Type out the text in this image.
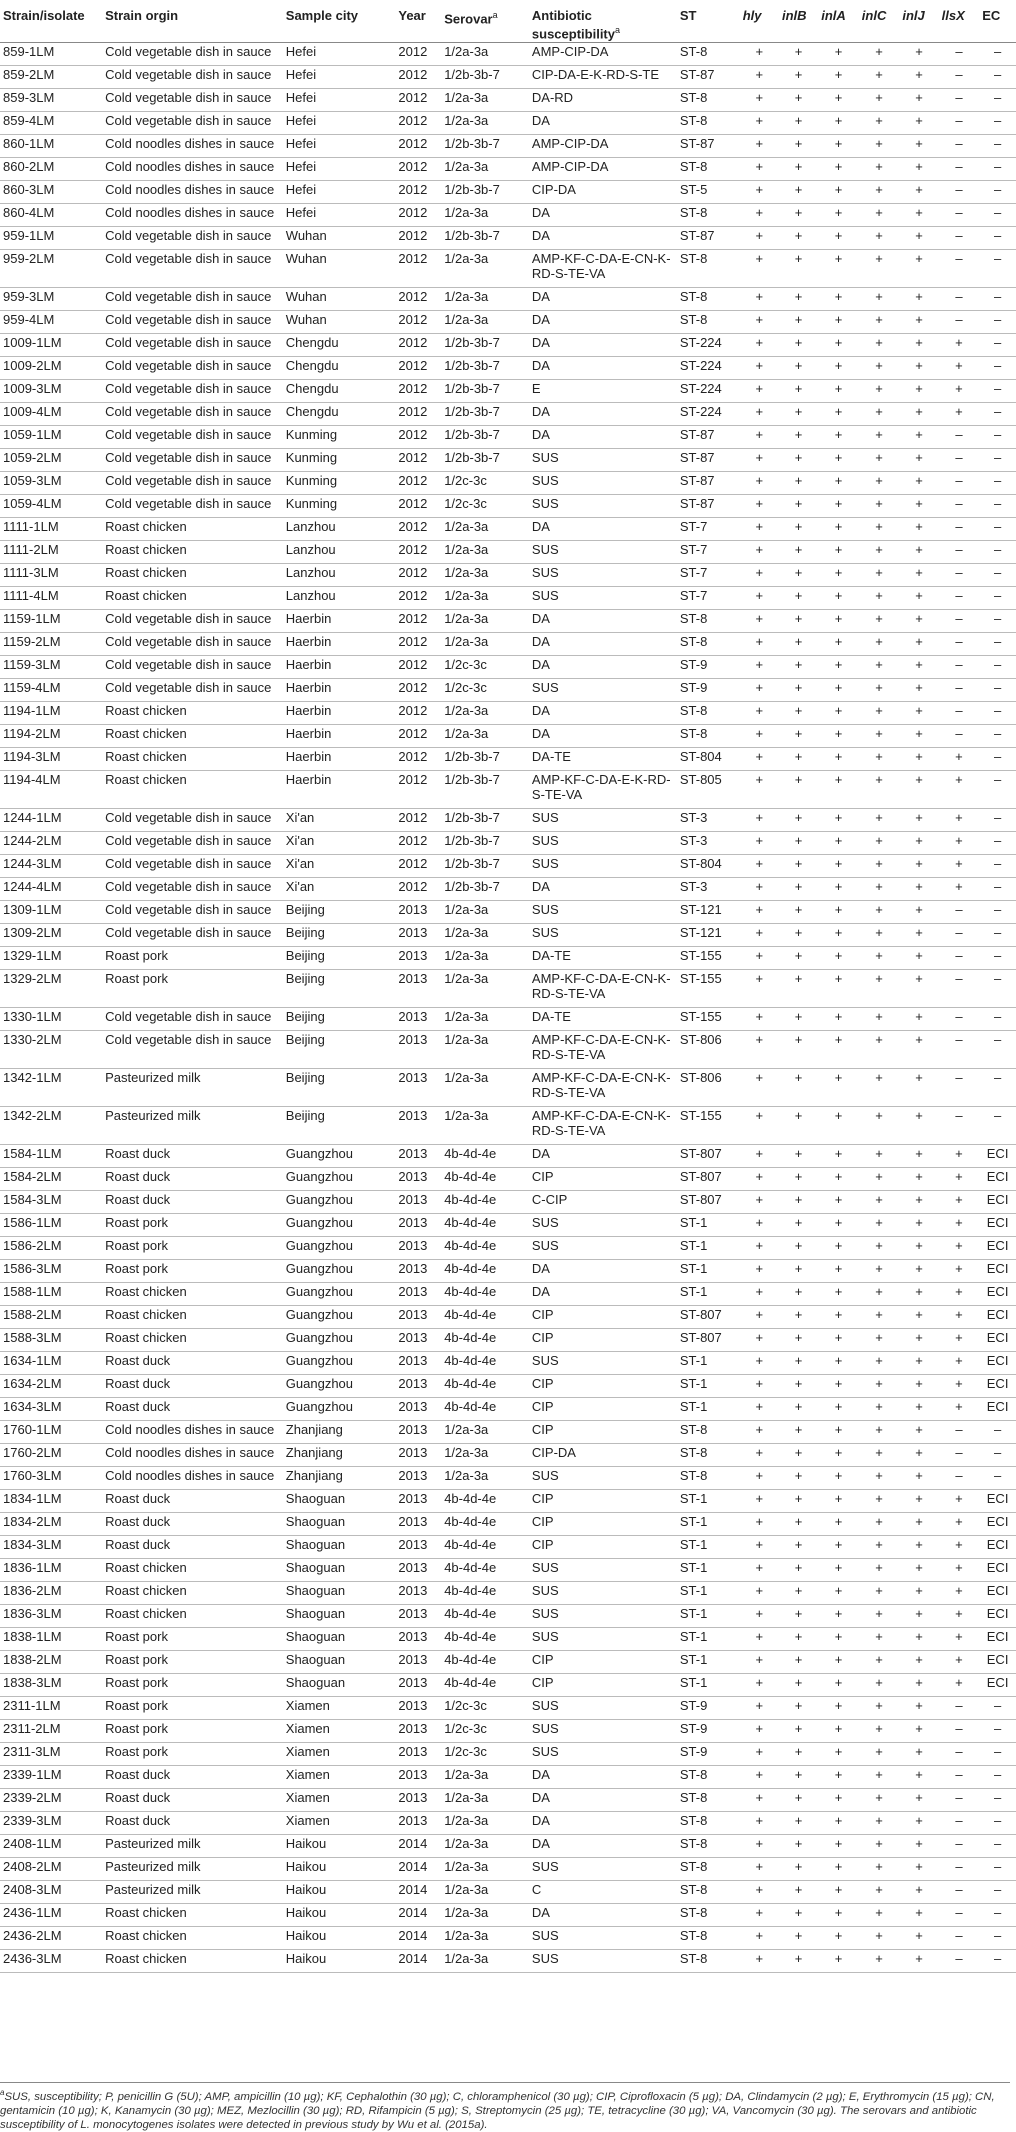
Strain/isolate	Strain orgin	Sample city	Year	Serovar$^a$	Antibiotic susceptibility$^a$	ST	hly	inlB	inlA	inlC	inlJ	llsX	EC
859-1LM	Cold vegetable dish in sauce	Hefei	2012	1/2a-3a	AMP-CIP-DA	ST-8	+	+	+	+	+	–	–
859-2LM	Cold vegetable dish in sauce	Hefei	2012	1/2b-3b-7	CIP-DA-E-K-RD-S-TE	ST-87	+	+	+	+	+	–	–
859-3LM	Cold vegetable dish in sauce	Hefei	2012	1/2a-3a	DA-RD	ST-8	+	+	+	+	+	–	–
859-4LM	Cold vegetable dish in sauce	Hefei	2012	1/2a-3a	DA	ST-8	+	+	+	+	+	–	–
860-1LM	Cold noodles dishes in sauce	Hefei	2012	1/2b-3b-7	AMP-CIP-DA	ST-87	+	+	+	+	+	–	–
860-2LM	Cold noodles dishes in sauce	Hefei	2012	1/2a-3a	AMP-CIP-DA	ST-8	+	+	+	+	+	–	–
860-3LM	Cold noodles dishes in sauce	Hefei	2012	1/2b-3b-7	CIP-DA	ST-5	+	+	+	+	+	–	–
860-4LM	Cold noodles dishes in sauce	Hefei	2012	1/2a-3a	DA	ST-8	+	+	+	+	+	–	–
959-1LM	Cold vegetable dish in sauce	Wuhan	2012	1/2b-3b-7	DA	ST-87	+	+	+	+	+	–	–
959-2LM	Cold vegetable dish in sauce	Wuhan	2012	1/2a-3a	AMP-KF-C-DA-E-CN-K-RD-S-TE-VA	ST-8	+	+	+	+	+	–	–
959-3LM	Cold vegetable dish in sauce	Wuhan	2012	1/2a-3a	DA	ST-8	+	+	+	+	+	–	–
959-4LM	Cold vegetable dish in sauce	Wuhan	2012	1/2a-3a	DA	ST-8	+	+	+	+	+	–	–
1009-1LM	Cold vegetable dish in sauce	Chengdu	2012	1/2b-3b-7	DA	ST-224	+	+	+	+	+	+	–
1009-2LM	Cold vegetable dish in sauce	Chengdu	2012	1/2b-3b-7	DA	ST-224	+	+	+	+	+	+	–
1009-3LM	Cold vegetable dish in sauce	Chengdu	2012	1/2b-3b-7	E	ST-224	+	+	+	+	+	+	–
1009-4LM	Cold vegetable dish in sauce	Chengdu	2012	1/2b-3b-7	DA	ST-224	+	+	+	+	+	+	–
1059-1LM	Cold vegetable dish in sauce	Kunming	2012	1/2b-3b-7	DA	ST-87	+	+	+	+	+	–	–
1059-2LM	Cold vegetable dish in sauce	Kunming	2012	1/2b-3b-7	SUS	ST-87	+	+	+	+	+	–	–
1059-3LM	Cold vegetable dish in sauce	Kunming	2012	1/2c-3c	SUS	ST-87	+	+	+	+	+	–	–
1059-4LM	Cold vegetable dish in sauce	Kunming	2012	1/2c-3c	SUS	ST-87	+	+	+	+	+	–	–
1111-1LM	Roast chicken	Lanzhou	2012	1/2a-3a	DA	ST-7	+	+	+	+	+	–	–
1111-2LM	Roast chicken	Lanzhou	2012	1/2a-3a	SUS	ST-7	+	+	+	+	+	–	–
1111-3LM	Roast chicken	Lanzhou	2012	1/2a-3a	SUS	ST-7	+	+	+	+	+	–	–
1111-4LM	Roast chicken	Lanzhou	2012	1/2a-3a	SUS	ST-7	+	+	+	+	+	–	–
1159-1LM	Cold vegetable dish in sauce	Haerbin	2012	1/2a-3a	DA	ST-8	+	+	+	+	+	–	–
1159-2LM	Cold vegetable dish in sauce	Haerbin	2012	1/2a-3a	DA	ST-8	+	+	+	+	+	–	–
1159-3LM	Cold vegetable dish in sauce	Haerbin	2012	1/2c-3c	DA	ST-9	+	+	+	+	+	–	–
1159-4LM	Cold vegetable dish in sauce	Haerbin	2012	1/2c-3c	SUS	ST-9	+	+	+	+	+	–	–
1194-1LM	Roast chicken	Haerbin	2012	1/2a-3a	DA	ST-8	+	+	+	+	+	–	–
1194-2LM	Roast chicken	Haerbin	2012	1/2a-3a	DA	ST-8	+	+	+	+	+	–	–
1194-3LM	Roast chicken	Haerbin	2012	1/2b-3b-7	DA-TE	ST-804	+	+	+	+	+	+	–
1194-4LM	Roast chicken	Haerbin	2012	1/2b-3b-7	AMP-KF-C-DA-E-K-RD-S-TE-VA	ST-805	+	+	+	+	+	+	–
1244-1LM	Cold vegetable dish in sauce	Xi'an	2012	1/2b-3b-7	SUS	ST-3	+	+	+	+	+	+	–
1244-2LM	Cold vegetable dish in sauce	Xi'an	2012	1/2b-3b-7	SUS	ST-3	+	+	+	+	+	+	–
1244-3LM	Cold vegetable dish in sauce	Xi'an	2012	1/2b-3b-7	SUS	ST-804	+	+	+	+	+	+	–
1244-4LM	Cold vegetable dish in sauce	Xi'an	2012	1/2b-3b-7	DA	ST-3	+	+	+	+	+	+	–
1309-1LM	Cold vegetable dish in sauce	Beijing	2013	1/2a-3a	SUS	ST-121	+	+	+	+	+	–	–
1309-2LM	Cold vegetable dish in sauce	Beijing	2013	1/2a-3a	SUS	ST-121	+	+	+	+	+	–	–
1329-1LM	Roast pork	Beijing	2013	1/2a-3a	DA-TE	ST-155	+	+	+	+	+	–	–
1329-2LM	Roast pork	Beijing	2013	1/2a-3a	AMP-KF-C-DA-E-CN-K-RD-S-TE-VA	ST-155	+	+	+	+	+	–	–
1330-1LM	Cold vegetable dish in sauce	Beijing	2013	1/2a-3a	DA-TE	ST-155	+	+	+	+	+	–	–
1330-2LM	Cold vegetable dish in sauce	Beijing	2013	1/2a-3a	AMP-KF-C-DA-E-CN-K-RD-S-TE-VA	ST-806	+	+	+	+	+	–	–
1342-1LM	Pasteurized milk	Beijing	2013	1/2a-3a	AMP-KF-C-DA-E-CN-K-RD-S-TE-VA	ST-806	+	+	+	+	+	–	–
1342-2LM	Pasteurized milk	Beijing	2013	1/2a-3a	AMP-KF-C-DA-E-CN-K-RD-S-TE-VA	ST-155	+	+	+	+	+	–	–
1584-1LM	Roast duck	Guangzhou	2013	4b-4d-4e	DA	ST-807	+	+	+	+	+	+	ECI
1584-2LM	Roast duck	Guangzhou	2013	4b-4d-4e	CIP	ST-807	+	+	+	+	+	+	ECI
1584-3LM	Roast duck	Guangzhou	2013	4b-4d-4e	C-CIP	ST-807	+	+	+	+	+	+	ECI
1586-1LM	Roast pork	Guangzhou	2013	4b-4d-4e	SUS	ST-1	+	+	+	+	+	+	ECI
1586-2LM	Roast pork	Guangzhou	2013	4b-4d-4e	SUS	ST-1	+	+	+	+	+	+	ECI
1586-3LM	Roast pork	Guangzhou	2013	4b-4d-4e	DA	ST-1	+	+	+	+	+	+	ECI
1588-1LM	Roast chicken	Guangzhou	2013	4b-4d-4e	DA	ST-1	+	+	+	+	+	+	ECI
1588-2LM	Roast chicken	Guangzhou	2013	4b-4d-4e	CIP	ST-807	+	+	+	+	+	+	ECI
1588-3LM	Roast chicken	Guangzhou	2013	4b-4d-4e	CIP	ST-807	+	+	+	+	+	+	ECI
1634-1LM	Roast duck	Guangzhou	2013	4b-4d-4e	SUS	ST-1	+	+	+	+	+	+	ECI
1634-2LM	Roast duck	Guangzhou	2013	4b-4d-4e	CIP	ST-1	+	+	+	+	+	+	ECI
1634-3LM	Roast duck	Guangzhou	2013	4b-4d-4e	CIP	ST-1	+	+	+	+	+	+	ECI
1760-1LM	Cold noodles dishes in sauce	Zhanjiang	2013	1/2a-3a	CIP	ST-8	+	+	+	+	+	–	–
1760-2LM	Cold noodles dishes in sauce	Zhanjiang	2013	1/2a-3a	CIP-DA	ST-8	+	+	+	+	+	–	–
1760-3LM	Cold noodles dishes in sauce	Zhanjiang	2013	1/2a-3a	SUS	ST-8	+	+	+	+	+	–	–
1834-1LM	Roast duck	Shaoguan	2013	4b-4d-4e	CIP	ST-1	+	+	+	+	+	+	ECI
1834-2LM	Roast duck	Shaoguan	2013	4b-4d-4e	CIP	ST-1	+	+	+	+	+	+	ECI
1834-3LM	Roast duck	Shaoguan	2013	4b-4d-4e	CIP	ST-1	+	+	+	+	+	+	ECI
1836-1LM	Roast chicken	Shaoguan	2013	4b-4d-4e	SUS	ST-1	+	+	+	+	+	+	ECI
1836-2LM	Roast chicken	Shaoguan	2013	4b-4d-4e	SUS	ST-1	+	+	+	+	+	+	ECI
1836-3LM	Roast chicken	Shaoguan	2013	4b-4d-4e	SUS	ST-1	+	+	+	+	+	+	ECI
1838-1LM	Roast pork	Shaoguan	2013	4b-4d-4e	SUS	ST-1	+	+	+	+	+	+	ECI
1838-2LM	Roast pork	Shaoguan	2013	4b-4d-4e	CIP	ST-1	+	+	+	+	+	+	ECI
1838-3LM	Roast pork	Shaoguan	2013	4b-4d-4e	CIP	ST-1	+	+	+	+	+	+	ECI
2311-1LM	Roast pork	Xiamen	2013	1/2c-3c	SUS	ST-9	+	+	+	+	+	–	–
2311-2LM	Roast pork	Xiamen	2013	1/2c-3c	SUS	ST-9	+	+	+	+	+	–	–
2311-3LM	Roast pork	Xiamen	2013	1/2c-3c	SUS	ST-9	+	+	+	+	+	–	–
2339-1LM	Roast duck	Xiamen	2013	1/2a-3a	DA	ST-8	+	+	+	+	+	–	–
2339-2LM	Roast duck	Xiamen	2013	1/2a-3a	DA	ST-8	+	+	+	+	+	–	–
2339-3LM	Roast duck	Xiamen	2013	1/2a-3a	DA	ST-8	+	+	+	+	+	–	–
2408-1LM	Pasteurized milk	Haikou	2014	1/2a-3a	DA	ST-8	+	+	+	+	+	–	–
2408-2LM	Pasteurized milk	Haikou	2014	1/2a-3a	SUS	ST-8	+	+	+	+	+	–	–
2408-3LM	Pasteurized milk	Haikou	2014	1/2a-3a	C	ST-8	+	+	+	+	+	–	–
2436-1LM	Roast chicken	Haikou	2014	1/2a-3a	DA	ST-8	+	+	+	+	+	–	–
2436-2LM	Roast chicken	Haikou	2014	1/2a-3a	SUS	ST-8	+	+	+	+	+	–	–
2436-3LM	Roast chicken	Haikou	2014	1/2a-3a	SUS	ST-8	+	+	+	+	+	–	–
$^a$SUS, susceptibility; P, penicillin G (5U); AMP, ampicillin (10 µg); KF, Cephalothin (30 µg); C, chloramphenicol (30 µg); CIP, Ciprofloxacin (5 µg); DA, Clindamycin (2 µg); E, Erythromycin (15 µg); CN, gentamicin (10 µg); K, Kanamycin (30 µg); MEZ, Mezlocillin (30 µg); RD, Rifampicin (5 µg); S, Streptomycin (25 µg); TE, tetracycline (30 µg); VA, Vancomycin (30 µg). The serovars and antibiotic susceptibility of L. monocytogenes isolates were detected in previous study by Wu et al. (2015a).
